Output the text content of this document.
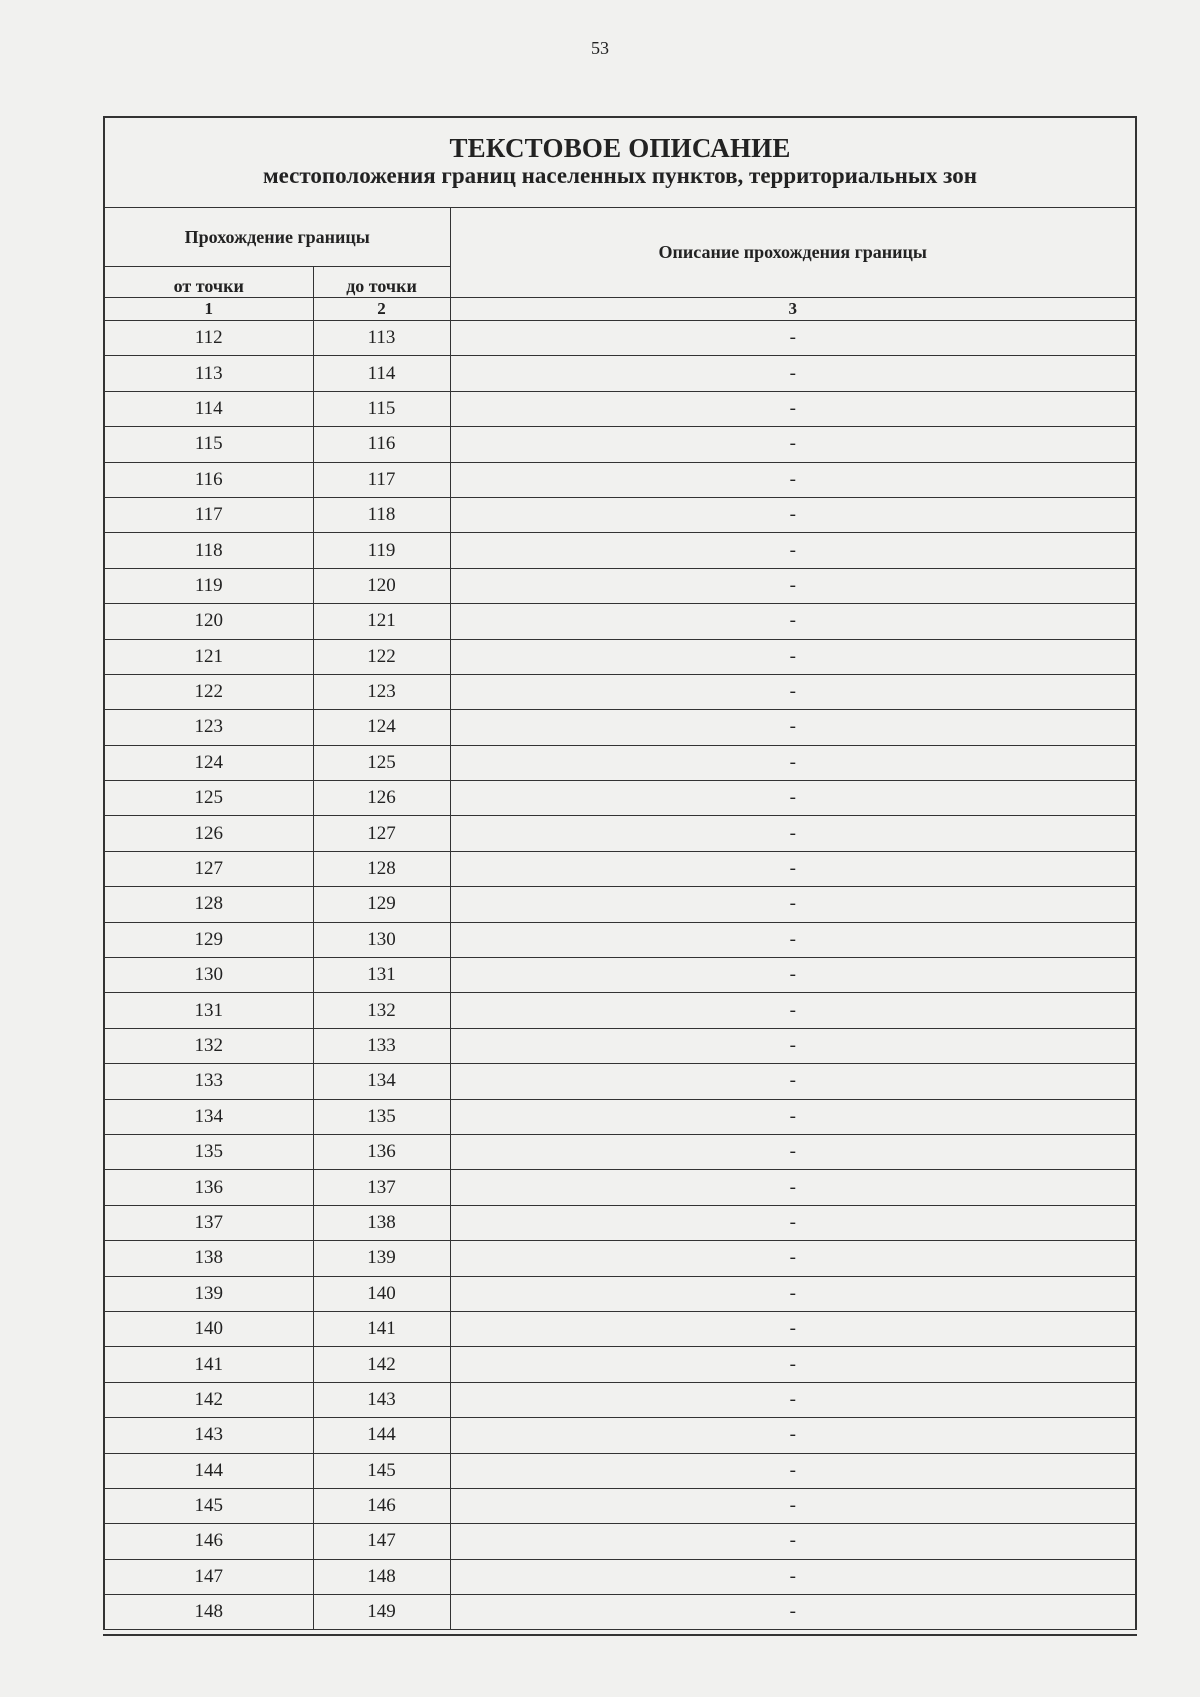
53
ТЕКСТОВОЕ ОПИСАНИЕ
местоположения границ населенных пунктов, территориальных зон
Прохождение границы		Описание прохождения границы
от точки	до точки	
1	2	3
112	113	-
113	114	-
114	115	-
115	116	-
116	117	-
117	118	-
118	119	-
119	120	-
120	121	-
121	122	-
122	123	-
123	124	-
124	125	-
125	126	-
126	127	-
127	128	-
128	129	-
129	130	-
130	131	-
131	132	-
132	133	-
133	134	-
134	135	-
135	136	-
136	137	-
137	138	-
138	139	-
139	140	-
140	141	-
141	142	-
142	143	-
143	144	-
144	145	-
145	146	-
146	147	-
147	148	-
148	149	-
